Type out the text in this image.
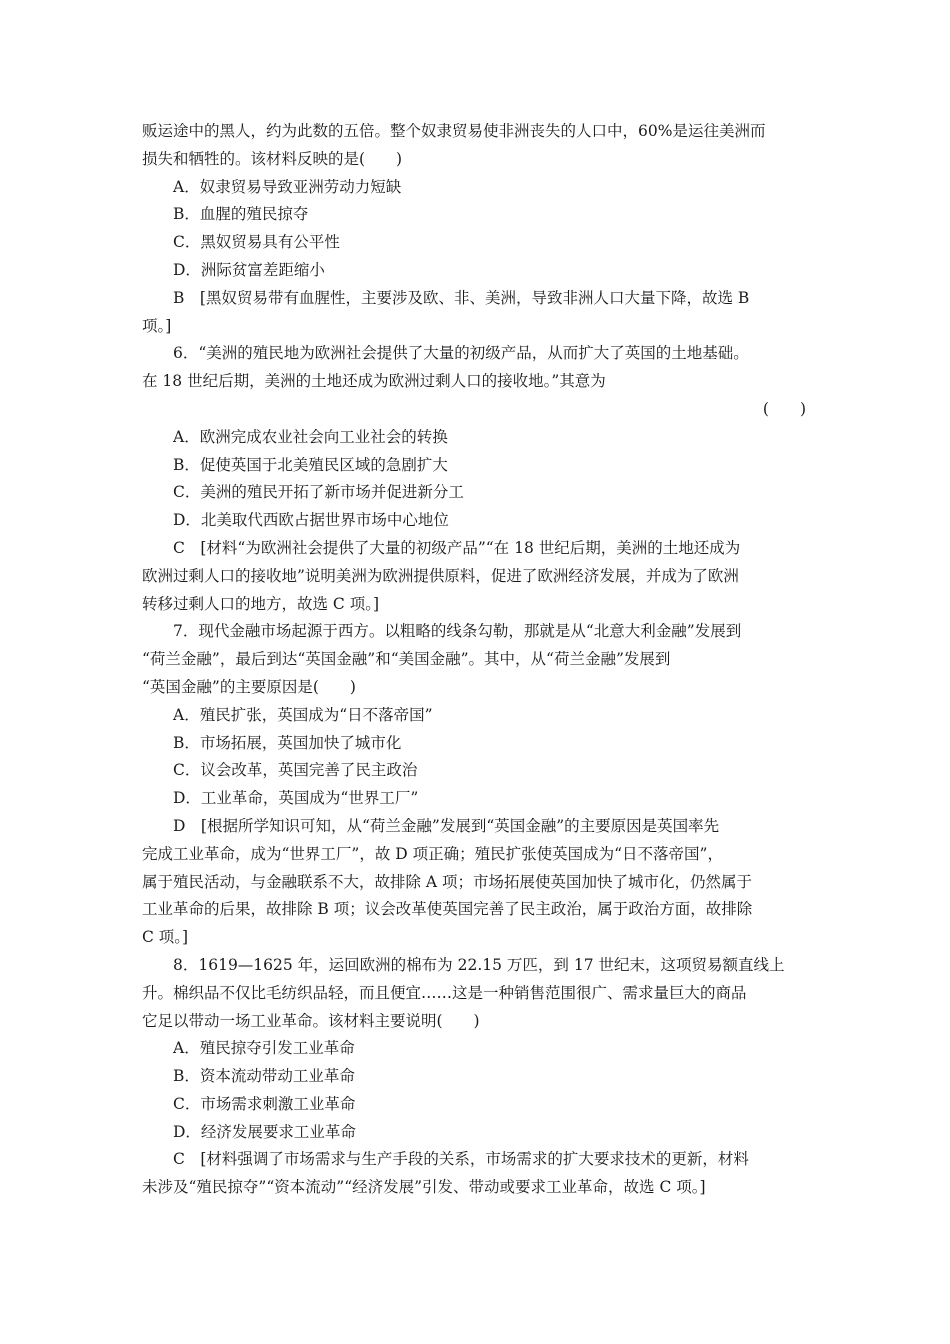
贩运途中的黑人，约为此数的五倍。整个奴隶贸易使非洲丧失的人口中，60%是运往美洲而
损失和牺牲的。该材料反映的是(　　)
A．奴隶贸易导致亚洲劳动力短缺
B．血腥的殖民掠夺
C．黑奴贸易具有公平性
D．洲际贫富差距缩小
B　[黑奴贸易带有血腥性，主要涉及欧、非、美洲，导致非洲人口大量下降，故选 B
项。]
6．“美洲的殖民地为欧洲社会提供了大量的初级产品，从而扩大了英国的土地基础。
在 18 世纪后期，美洲的土地还成为欧洲过剩人口的接收地。”其意为
(　　)
A．欧洲完成农业社会向工业社会的转换
B．促使英国于北美殖民区域的急剧扩大
C．美洲的殖民开拓了新市场并促进新分工
D．北美取代西欧占据世界市场中心地位
C　[材料“为欧洲社会提供了大量的初级产品”“在 18 世纪后期，美洲的土地还成为
欧洲过剩人口的接收地”说明美洲为欧洲提供原料，促进了欧洲经济发展，并成为了欧洲
转移过剩人口的地方，故选 C 项。]
7．现代金融市场起源于西方。以粗略的线条勾勒，那就是从“北意大利金融”发展到
“荷兰金融”，最后到达“英国金融”和“美国金融”。其中，从“荷兰金融”发展到
“英国金融”的主要原因是(　　)
A．殖民扩张，英国成为“日不落帝国”
B．市场拓展，英国加快了城市化
C．议会改革，英国完善了民主政治
D．工业革命，英国成为“世界工厂”
D　[根据所学知识可知，从“荷兰金融”发展到“英国金融”的主要原因是英国率先
完成工业革命，成为“世界工厂”，故 D 项正确；殖民扩张使英国成为“日不落帝国”，
属于殖民活动，与金融联系不大，故排除 A 项；市场拓展使英国加快了城市化，仍然属于
工业革命的后果，故排除 B 项；议会改革使英国完善了民主政治，属于政治方面，故排除
C 项。]
8．1619—1625 年，运回欧洲的棉布为 22.15 万匹，到 17 世纪末，这项贸易额直线上
升。棉织品不仅比毛纺织品轻，而且便宜……这是一种销售范围很广、需求量巨大的商品
它足以带动一场工业革命。该材料主要说明(　　)
A．殖民掠夺引发工业革命
B．资本流动带动工业革命
C．市场需求刺激工业革命
D．经济发展要求工业革命
C　[材料强调了市场需求与生产手段的关系，市场需求的扩大要求技术的更新，材料
未涉及“殖民掠夺”“资本流动”“经济发展”引发、带动或要求工业革命，故选 C 项。]
